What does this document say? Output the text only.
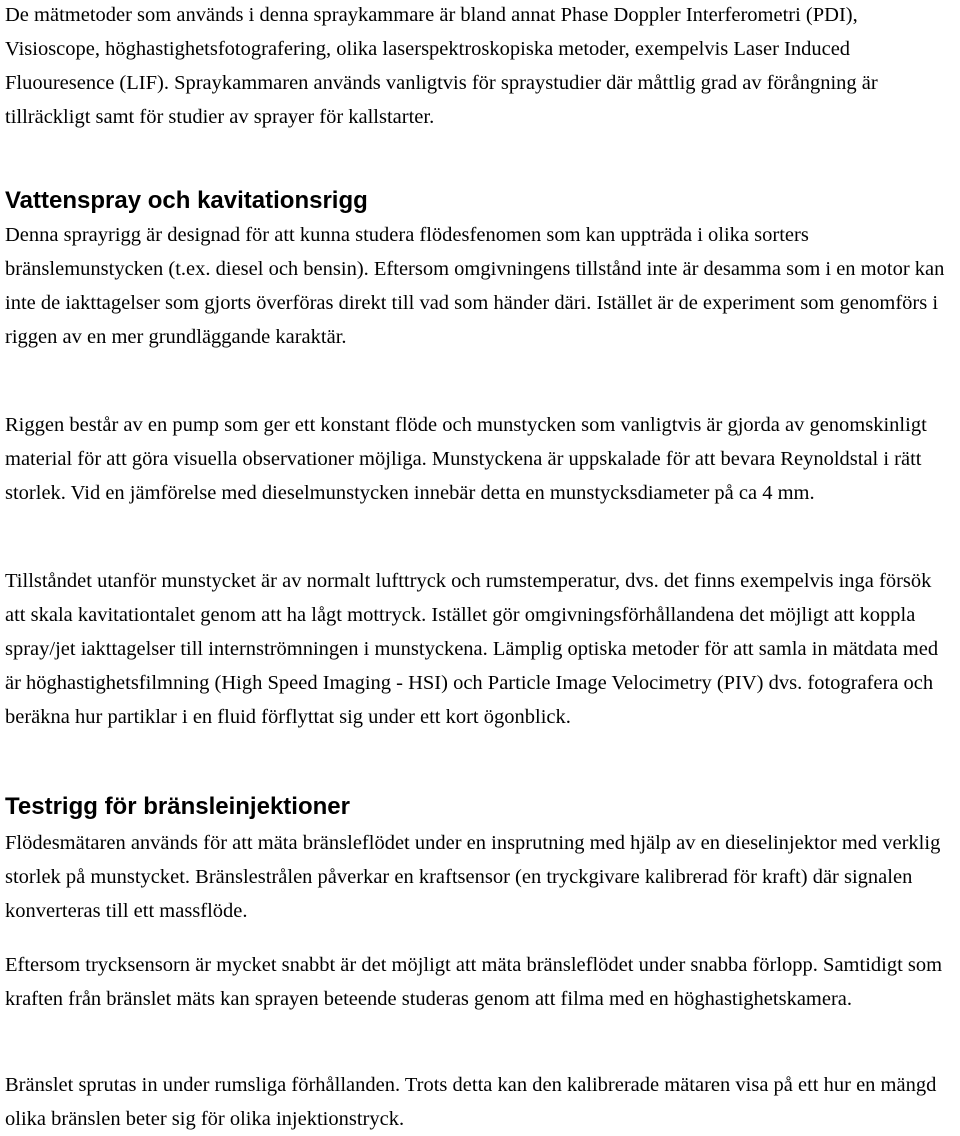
De mätmetoder som används i denna spraykammare är bland annat Phase Doppler Interferometri (PDI), Visioscope, höghastighetsfotografering, olika laserspektroskopiska metoder, exempelvis Laser Induced Fluouresence (LIF). Spraykammaren används vanligtvis för spraystudier där måttlig grad av förångning är tillräckligt samt för studier av sprayer för kallstarter.

Vattenspray och kavitationsrigg

Denna sprayrigg är designad för att kunna studera flödesfenomen som kan uppträda i olika sorters bränslemunstycken (t.ex. diesel och bensin). Eftersom omgivningens tillstånd inte är desamma som i en motor kan inte de iakttagelser som gjorts överföras direkt till vad som händer däri. Istället är de experiment som genomförs i riggen av en mer grundläggande karaktär.

Riggen består av en pump som ger ett konstant flöde och munstycken som vanligtvis är gjorda av genomskinligt material för att göra visuella observationer möjliga. Munstyckena är uppskalade för att bevara Reynoldstal i rätt storlek. Vid en jämförelse med dieselmunstycken innebär detta en munstycksdiameter på ca 4 mm.

Tillståndet utanför munstycket är av normalt lufttryck och rumstemperatur, dvs. det finns exempelvis inga försök att skala kavitationtalet genom att ha lågt mottryck. Istället gör omgivningsförhållandena det möjligt att koppla spray/jet iakttagelser till internströmningen i munstyckena. Lämplig optiska metoder för att samla in mätdata med är höghastighetsfilmning (High Speed Imaging - HSI) och Particle Image Velocimetry (PIV) dvs. fotografera och beräkna hur partiklar i en fluid förflyttat sig under ett kort ögonblick.

Testrigg för bränsleinjektioner

Flödesmätaren används för att mäta bränsleflödet under en insprutning med hjälp av en dieselinjektor med verklig storlek på munstycket. Bränslestrålen påverkar en kraftsensor (en tryckgivare kalibrerad för kraft) där signalen konverteras till ett massflöde.

Eftersom trycksensorn är mycket snabbt är det möjligt att mäta bränsleflödet under snabba förlopp. Samtidigt som kraften från bränslet mäts kan sprayen beteende studeras genom att filma med en höghastighetskamera.

Bränslet sprutas in under rumsliga förhållanden. Trots detta kan den kalibrerade mätaren visa på ett hur en mängd olika bränslen beter sig för olika injektionstryck.
